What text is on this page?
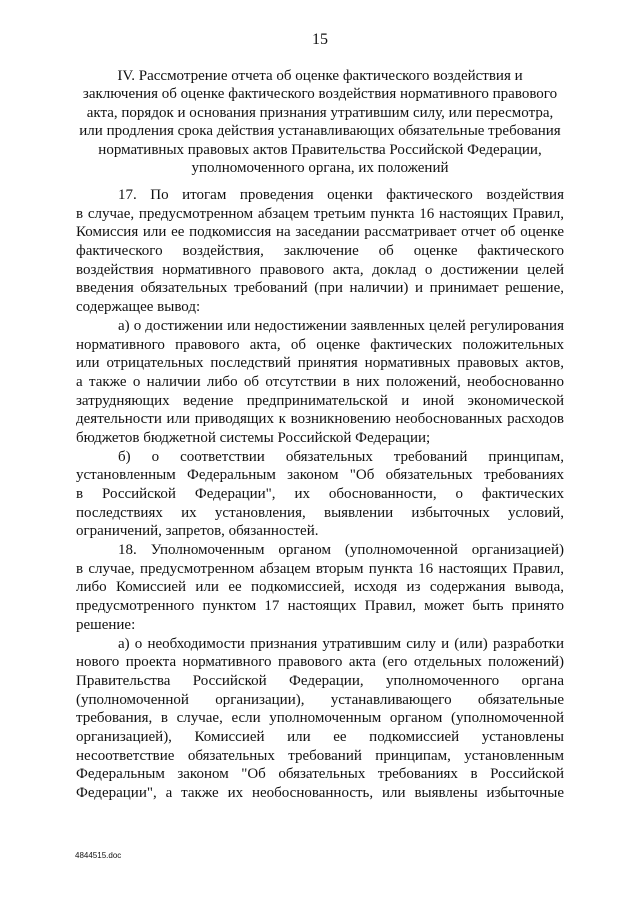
15
IV. Рассмотрение отчета об оценке фактического воздействия и
заключения об оценке фактического воздействия нормативного правового
акта, порядок и основания признания утратившим силу, или пересмотра,
или продления срока действия устанавливающих обязательные требования
нормативных правовых актов Правительства Российской Федерации,
уполномоченного органа, их положений
17. По итогам проведения оценки фактического воздействия
в случае, предусмотренном абзацем третьим пункта 16 настоящих Правил,
Комиссия или ее подкомиссия на заседании рассматривает отчет об оценке
фактического воздействия, заключение об оценке фактического
воздействия нормативного правового акта, доклад о достижении целей
введения обязательных требований (при наличии) и принимает решение,
содержащее вывод:
а) о достижении или недостижении заявленных целей регулирования
нормативного правового акта, об оценке фактических положительных
или отрицательных последствий принятия нормативных правовых актов,
а также о наличии либо об отсутствии в них положений, необоснованно
затрудняющих ведение предпринимательской и иной экономической
деятельности или приводящих к возникновению необоснованных расходов
бюджетов бюджетной системы Российской Федерации;
б) о соответствии обязательных требований принципам,
установленным Федеральным законом "Об обязательных требованиях
в Российской Федерации", их обоснованности, о фактических
последствиях их установления, выявлении избыточных условий,
ограничений, запретов, обязанностей.
18. Уполномоченным органом (уполномоченной организацией)
в случае, предусмотренном абзацем вторым пункта 16 настоящих Правил,
либо Комиссией или ее подкомиссией, исходя из содержания вывода,
предусмотренного пунктом 17 настоящих Правил, может быть принято
решение:
а) о необходимости признания утратившим силу и (или) разработки
нового проекта нормативного правового акта (его отдельных положений)
Правительства Российской Федерации, уполномоченного органа
(уполномоченной организации), устанавливающего обязательные
требования, в случае, если уполномоченным органом (уполномоченной
организацией), Комиссией или ее подкомиссией установлены
несоответствие обязательных требований принципам, установленным
Федеральным законом "Об обязательных требованиях в Российской
Федерации", а также их необоснованность, или выявлены избыточные
4844515.doc
